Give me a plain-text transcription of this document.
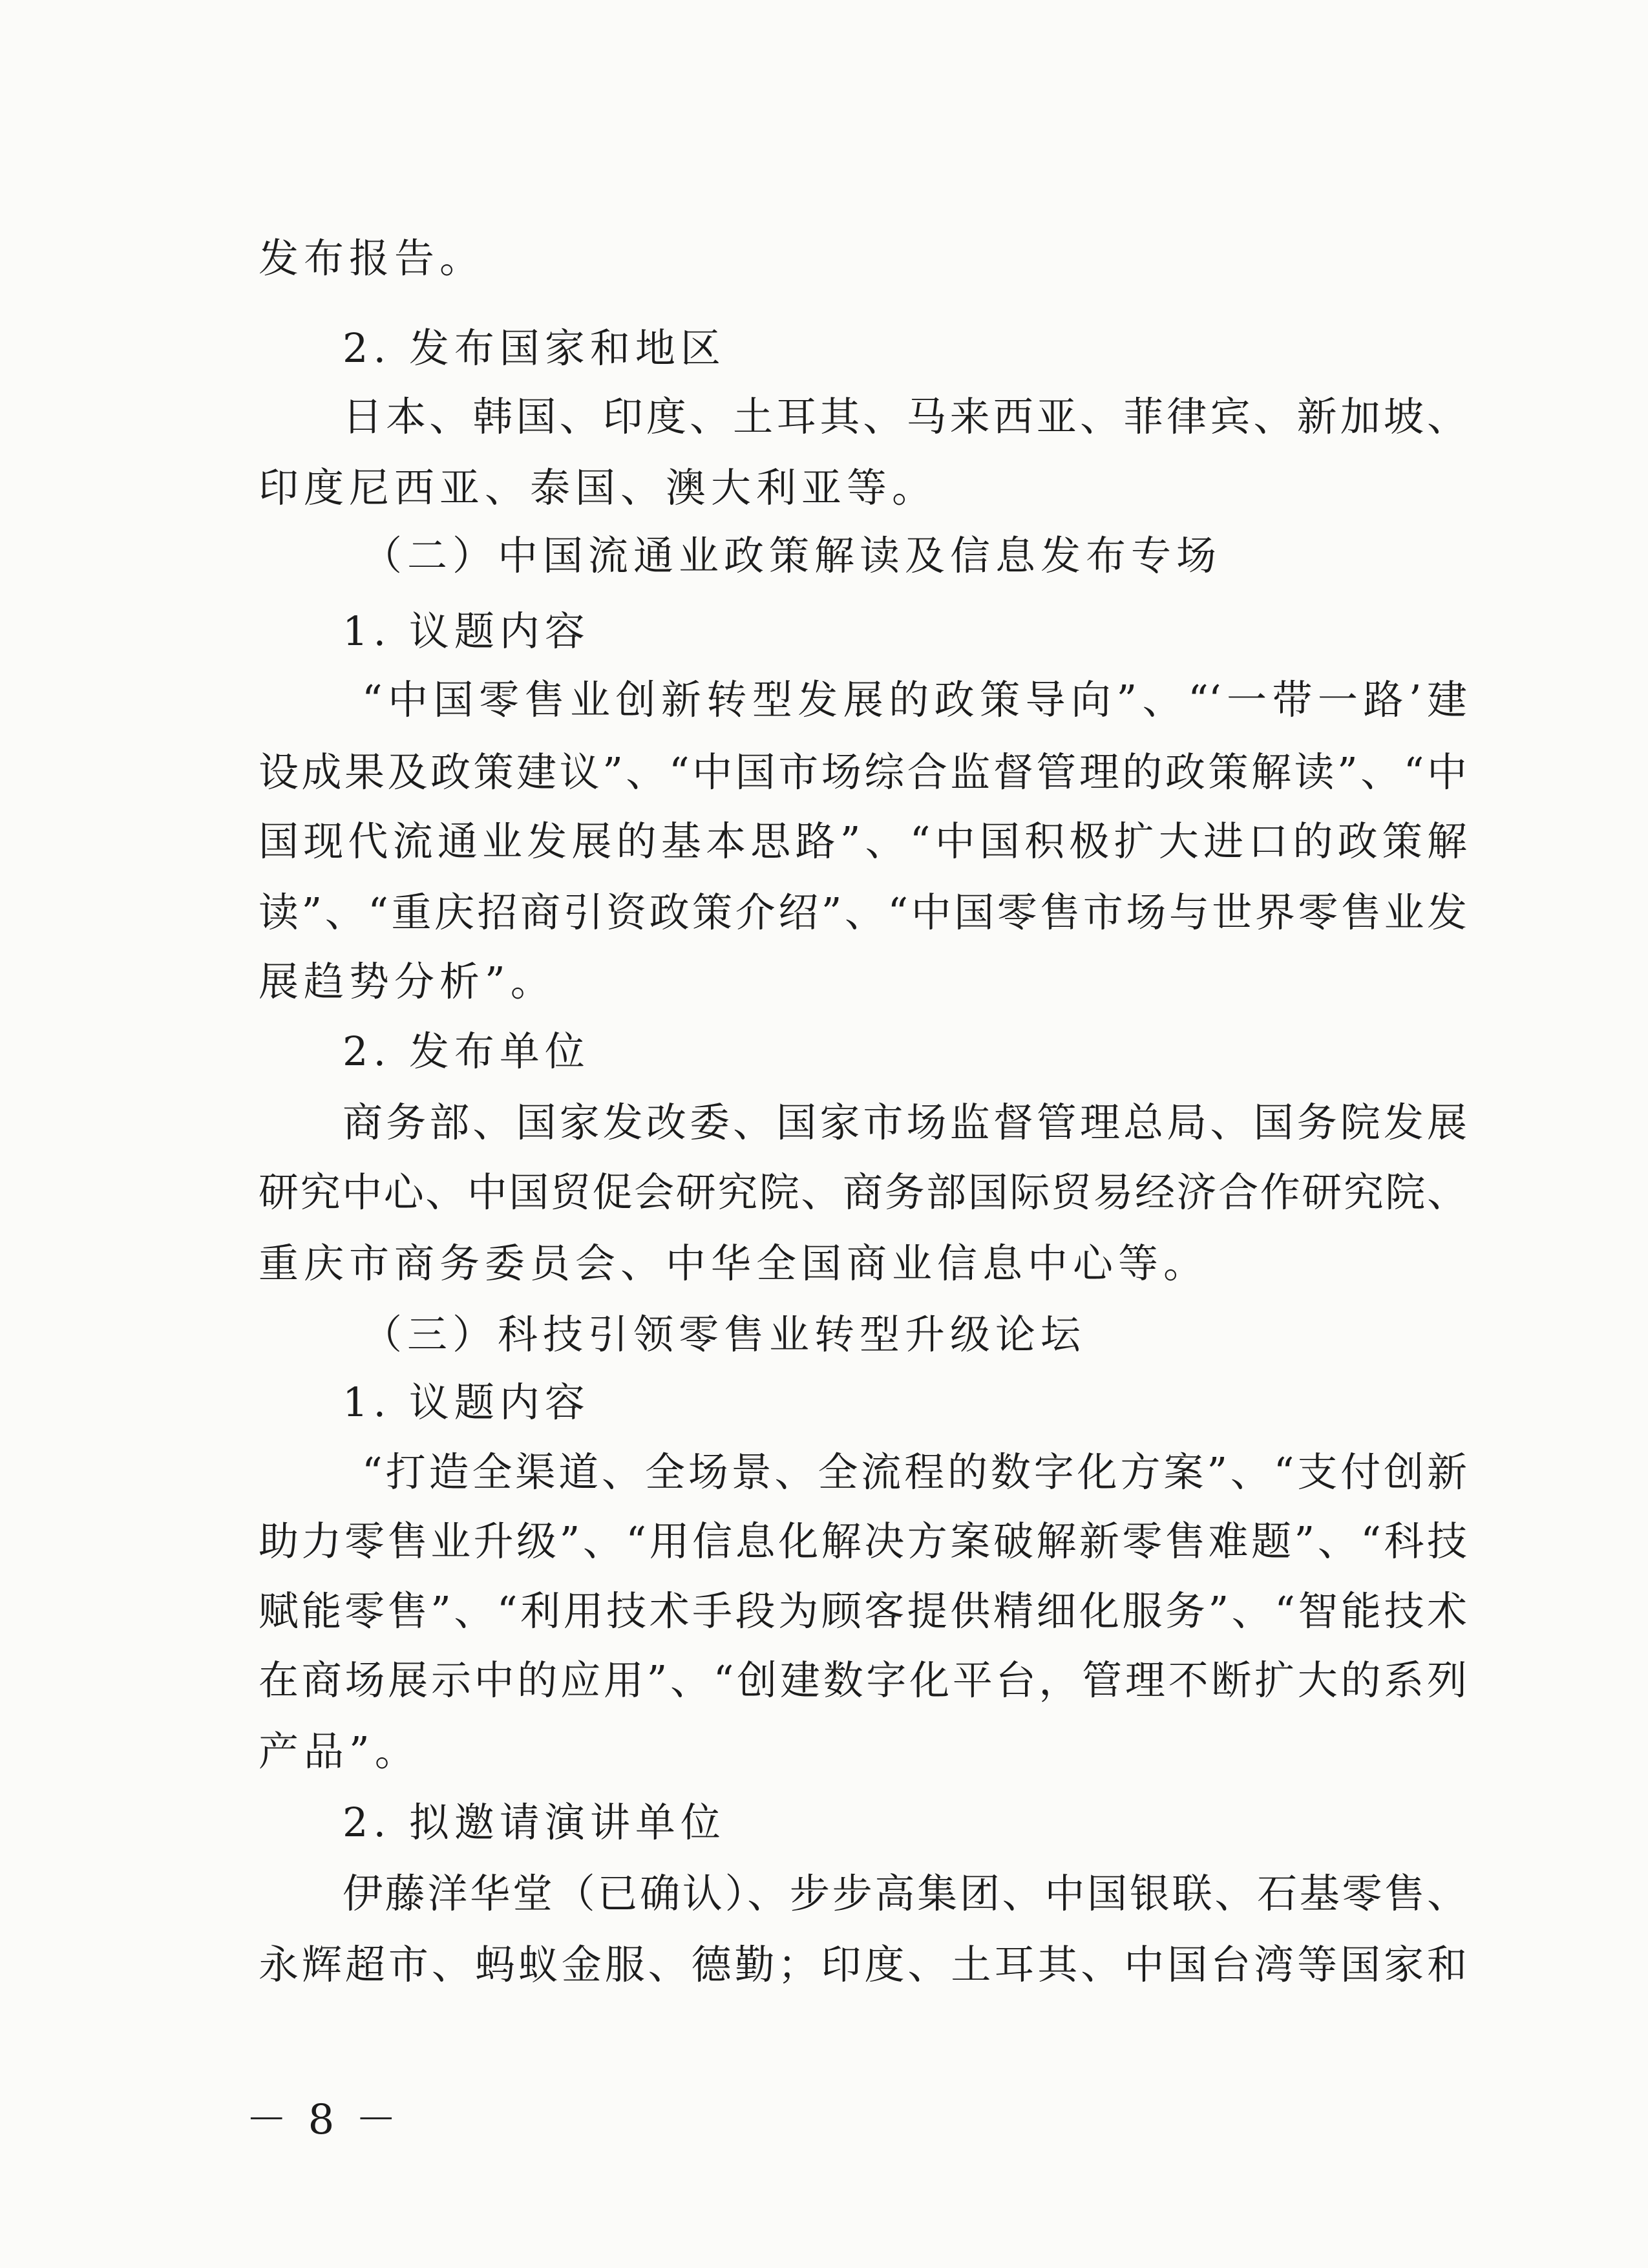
发布报告。
2. 发布国家和地区
日本、韩国、印度、土耳其、马来西亚、菲律宾、新加坡、
印度尼西亚、泰国、澳大利亚等。
（二）中国流通业政策解读及信息发布专场
1. 议题内容
“中国零售业创新转型发展的政策导向”、“‘一带一路’建
设成果及政策建议”、“中国市场综合监督管理的政策解读”、“中
国现代流通业发展的基本思路”、“中国积极扩大进口的政策解
读”、“重庆招商引资政策介绍”、“中国零售市场与世界零售业发
展趋势分析”。
2. 发布单位
商务部、国家发改委、国家市场监督管理总局、国务院发展
研究中心、中国贸促会研究院、商务部国际贸易经济合作研究院、
重庆市商务委员会、中华全国商业信息中心等。
（三）科技引领零售业转型升级论坛
1. 议题内容
“打造全渠道、全场景、全流程的数字化方案”、“支付创新
助力零售业升级”、“用信息化解决方案破解新零售难题”、“科技
赋能零售”、“利用技术手段为顾客提供精细化服务”、“智能技术
在商场展示中的应用”、“创建数字化平台，管理不断扩大的系列
产品”。
2. 拟邀请演讲单位
伊藤洋华堂（已确认）、步步高集团、中国银联、石基零售、
永辉超市、蚂蚁金服、德勤；印度、土耳其、中国台湾等国家和
－ 8 －
